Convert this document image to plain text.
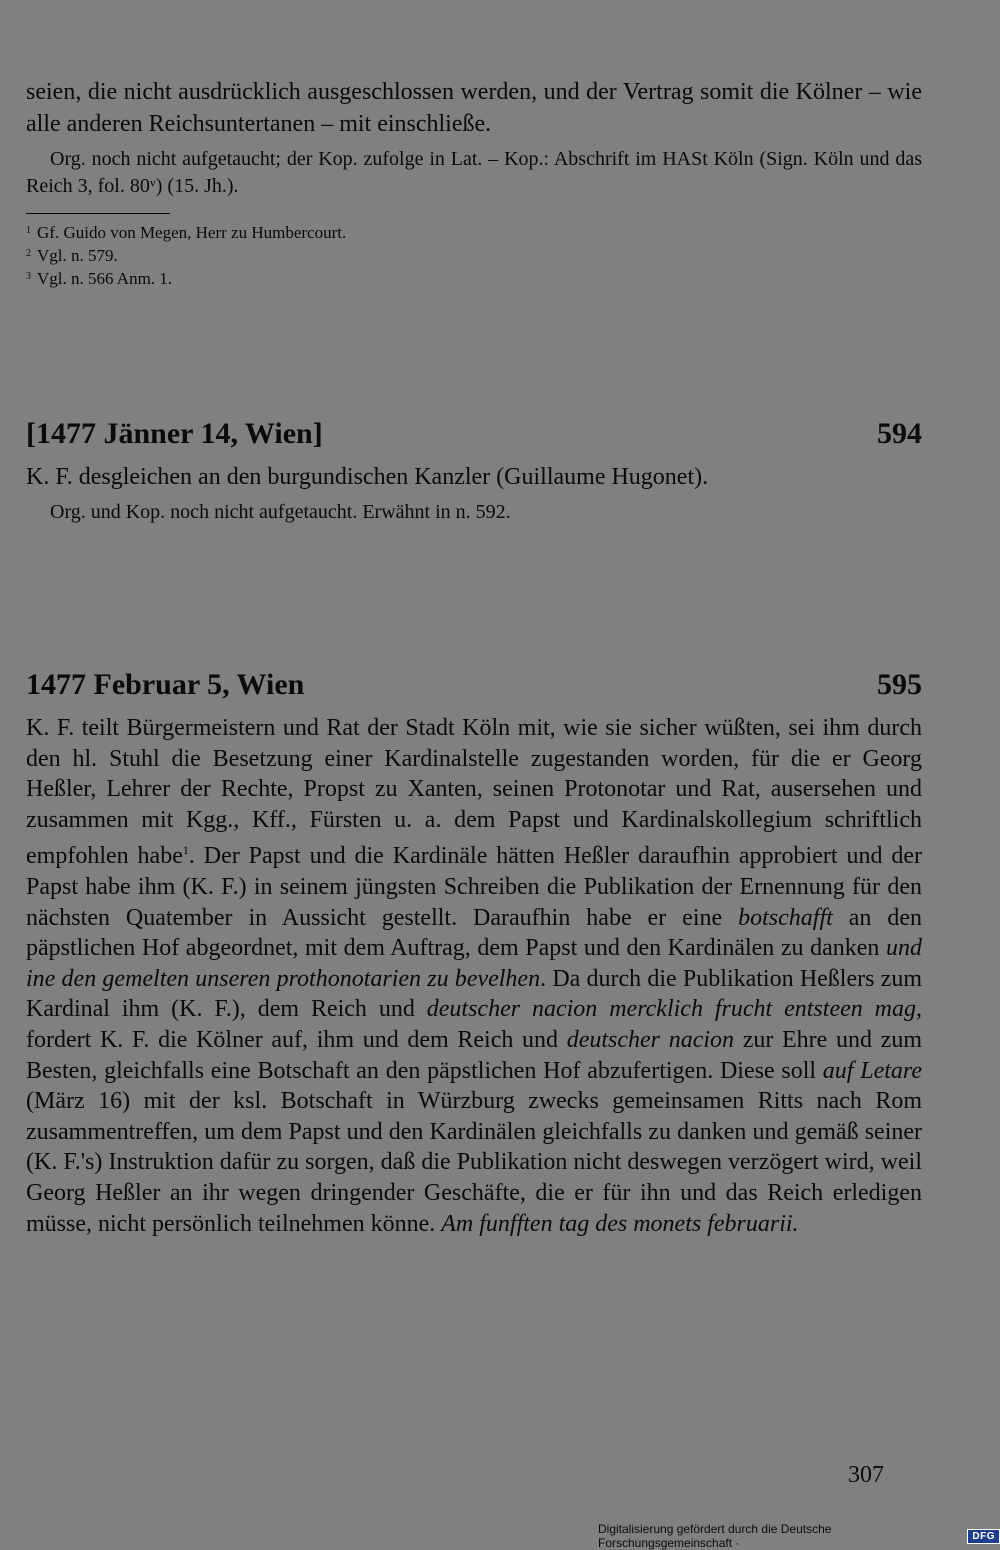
seien, die nicht ausdrücklich ausgeschlossen werden, und der Vertrag somit die Kölner – wie alle anderen Reichsuntertanen – mit einschließe.
Org. noch nicht aufgetaucht; der Kop. zufolge in Lat. – Kop.: Abschrift im HASt Köln (Sign. Köln und das Reich 3, fol. 80ᵛ) (15. Jh.).
$^1$ Gf. Guido von Megen, Herr zu Humbercourt.
$^2$ Vgl. n. 579.
$^3$ Vgl. n. 566 Anm. 1.
[1477 Jänner 14, Wien]	594
K. F. desgleichen an den burgundischen Kanzler (Guillaume Hugonet).
Org. und Kop. noch nicht aufgetaucht. Erwähnt in n. 592.
1477 Februar 5, Wien	595
K. F. teilt Bürgermeistern und Rat der Stadt Köln mit, wie sie sicher wüßten, sei ihm durch den hl. Stuhl die Besetzung einer Kardinalstelle zugestanden worden, für die er Georg Heßler, Lehrer der Rechte, Propst zu Xanten, seinen Protonotar und Rat, ausersehen und zusammen mit Kgg., Kff., Fürsten u. a. dem Papst und Kardinalskollegium schriftlich empfohlen habe$^1$. Der Papst und die Kardinäle hätten Heßler daraufhin approbiert und der Papst habe ihm (K. F.) in seinem jüngsten Schreiben die Publikation der Ernennung für den nächsten Quatember in Aussicht gestellt. Daraufhin habe er eine botschafft an den päpstlichen Hof abgeordnet, mit dem Auftrag, dem Papst und den Kardinälen zu danken und ine den gemelten unseren prothonotarien zu bevelhen. Da durch die Publikation Heßlers zum Kardinal ihm (K. F.), dem Reich und deutscher nacion mercklich frucht entsteen mag, fordert K. F. die Kölner auf, ihm und dem Reich und deutscher nacion zur Ehre und zum Besten, gleichfalls eine Botschaft an den päpstlichen Hof abzufertigen. Diese soll auf Letare (März 16) mit der ksl. Botschaft in Würzburg zwecks gemeinsamen Ritts nach Rom zusammentreffen, um dem Papst und den Kardinälen gleichfalls zu danken und gemäß seiner (K. F.'s) Instruktion dafür zu sorgen, daß die Publikation nicht deswegen verzögert wird, weil Georg Heßler an ihr wegen dringender Geschäfte, die er für ihn und das Reich erledigen müsse, nicht persönlich teilnehmen könne. Am funfften tag des monets februarii.
307
Digitalisierung gefördert durch die Deutsche Forschungsgemeinschaft ·	DFG
